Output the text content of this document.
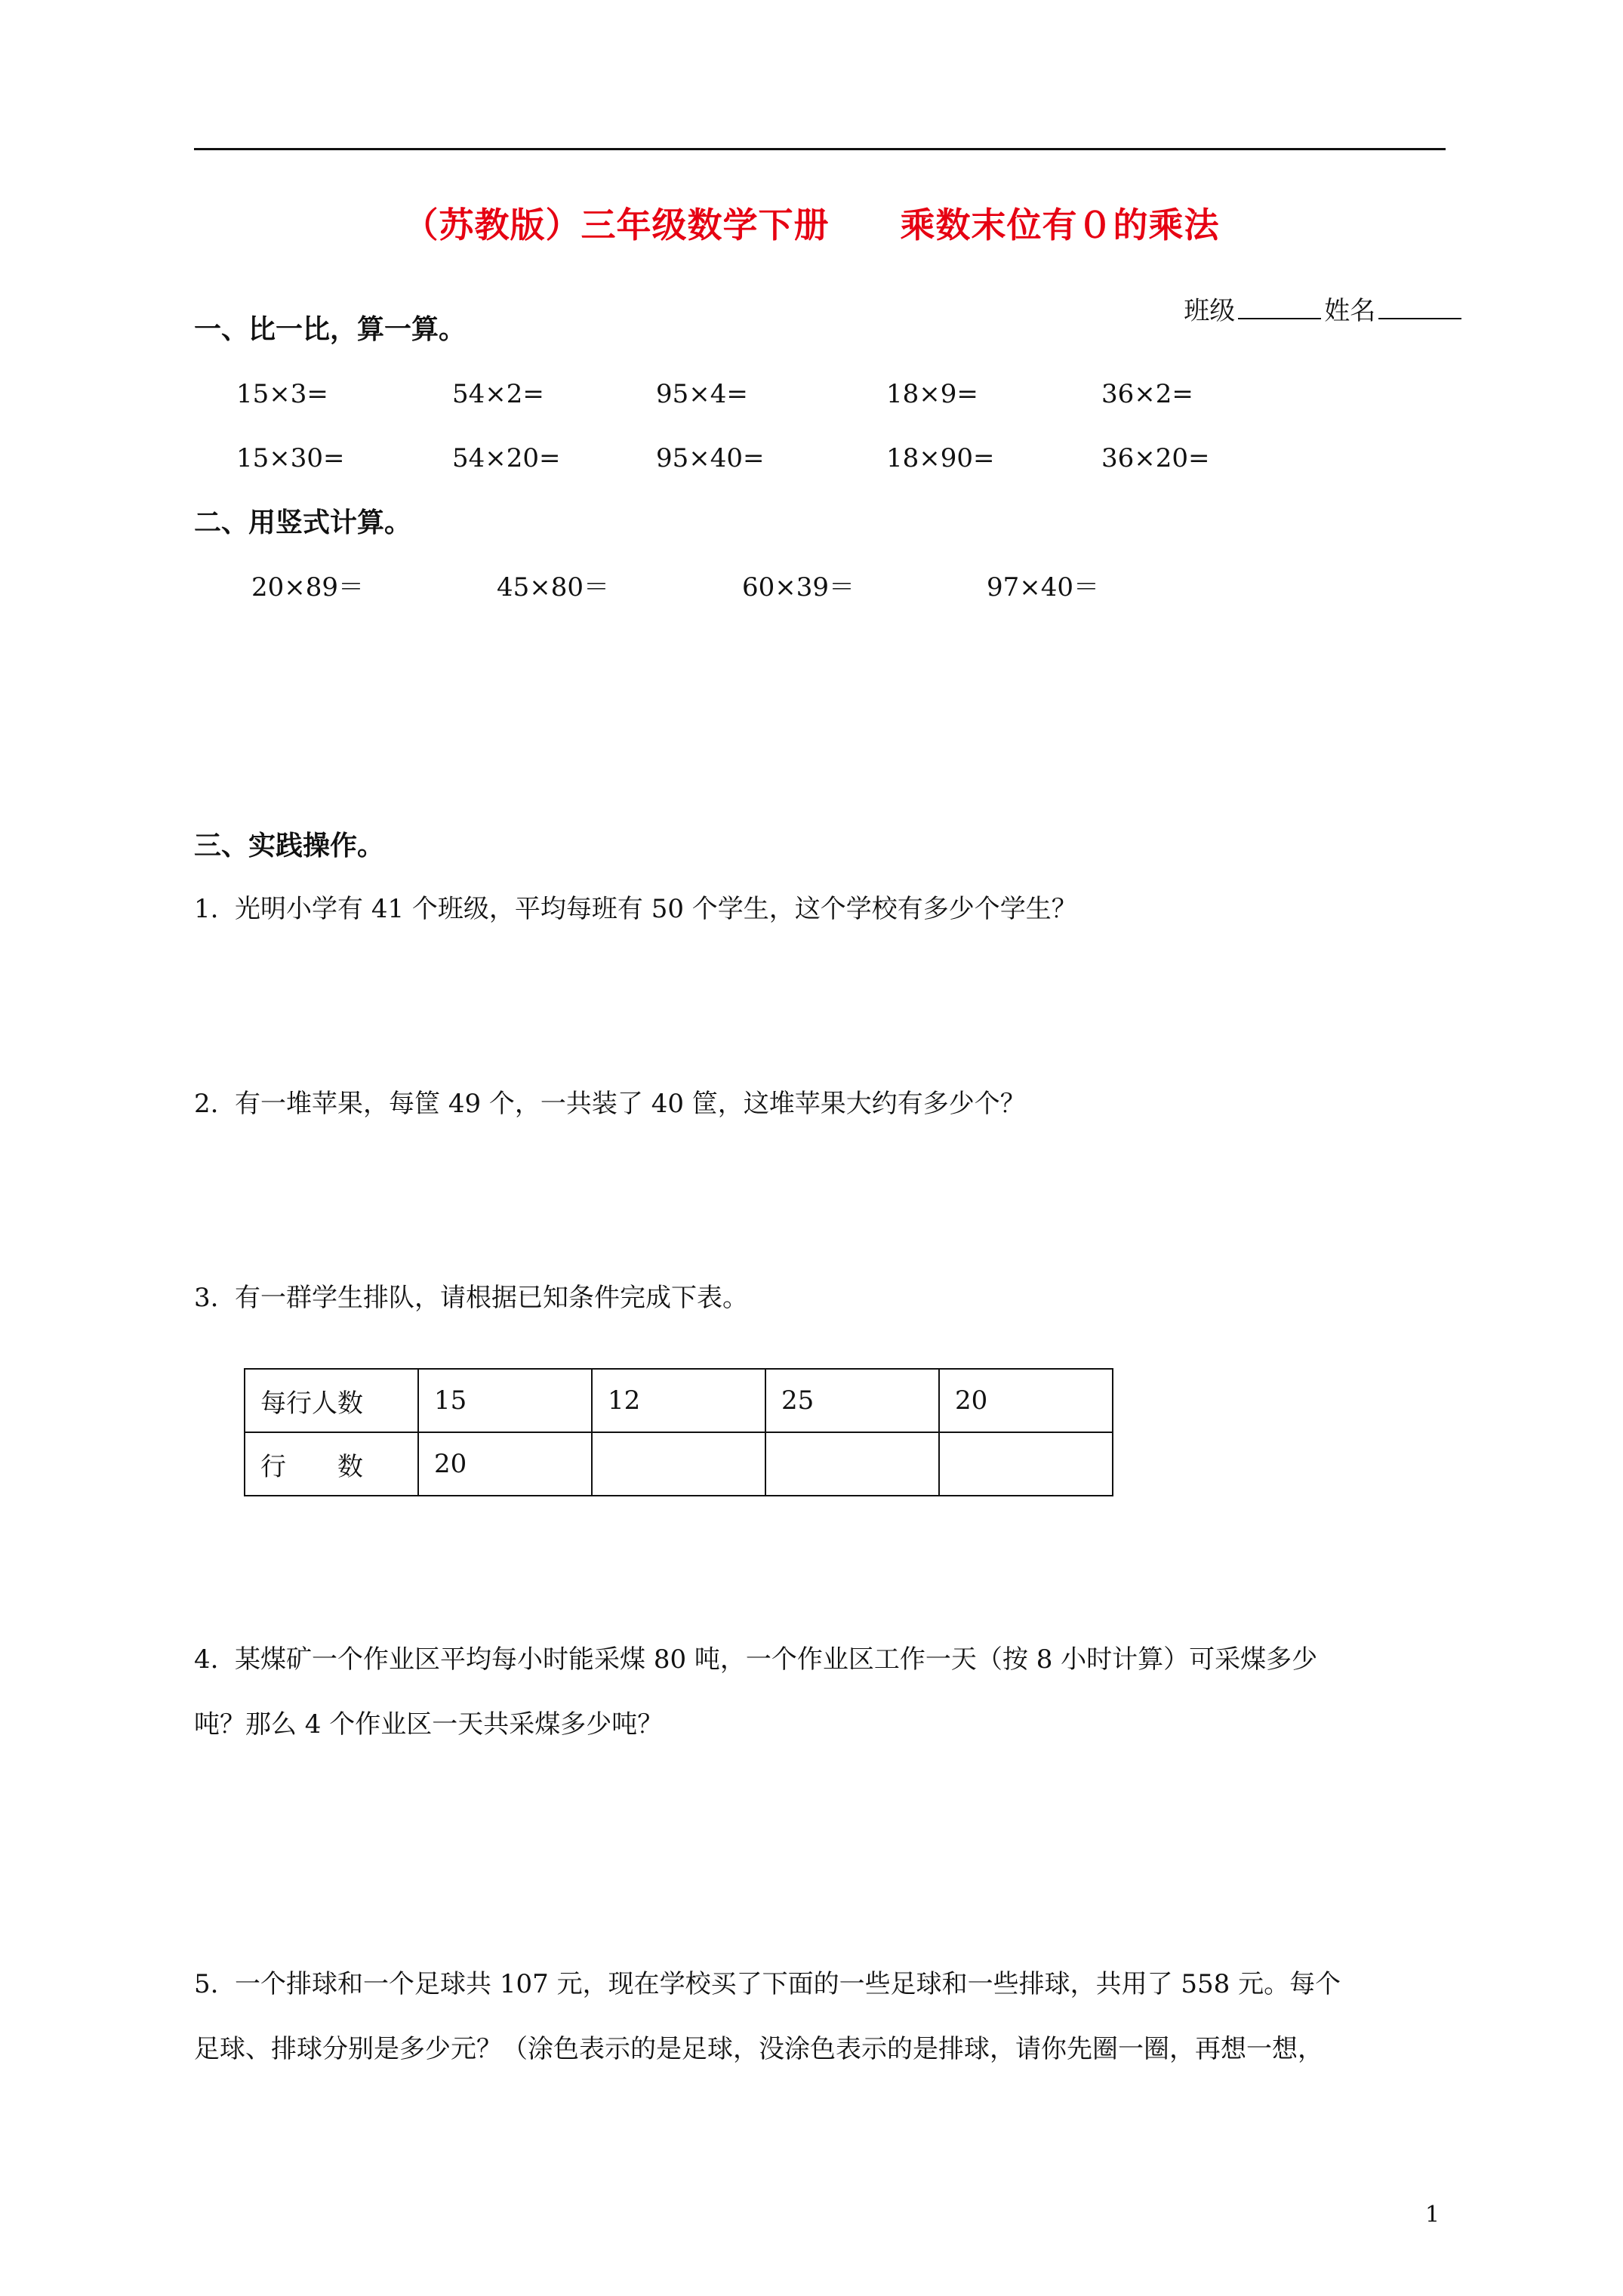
（苏教版）三年级数学下册　　乘数末位有０的乘法

班级	姓名

一、比一比，算一算。
15×3=	54×2=	95×4=	18×9=	36×2=
15×30=	54×20=	95×40=	18×90=	36×20=
二、用竖式计算。
20×89＝	45×80＝	60×39＝	97×40＝
三、实践操作。
1.  光明小学有 41 个班级，平均每班有 50 个学生，这个学校有多少个学生？
2.  有一堆苹果，每筐 49 个，一共装了 40 筐，这堆苹果大约有多少个？
3.  有一群学生排队，请根据已知条件完成下表。
每行人数	15	12	25	20
行　　数	20			
4.  某煤矿一个作业区平均每小时能采煤 80 吨，一个作业区工作一天（按 8 小时计算）可采煤多少
吨？那么 4 个作业区一天共采煤多少吨？
5.  一个排球和一个足球共 107 元，现在学校买了下面的一些足球和一些排球，共用了 558 元。每个
足球、排球分别是多少元？（涂色表示的是足球，没涂色表示的是排球，请你先圈一圈，再想一想，
1
